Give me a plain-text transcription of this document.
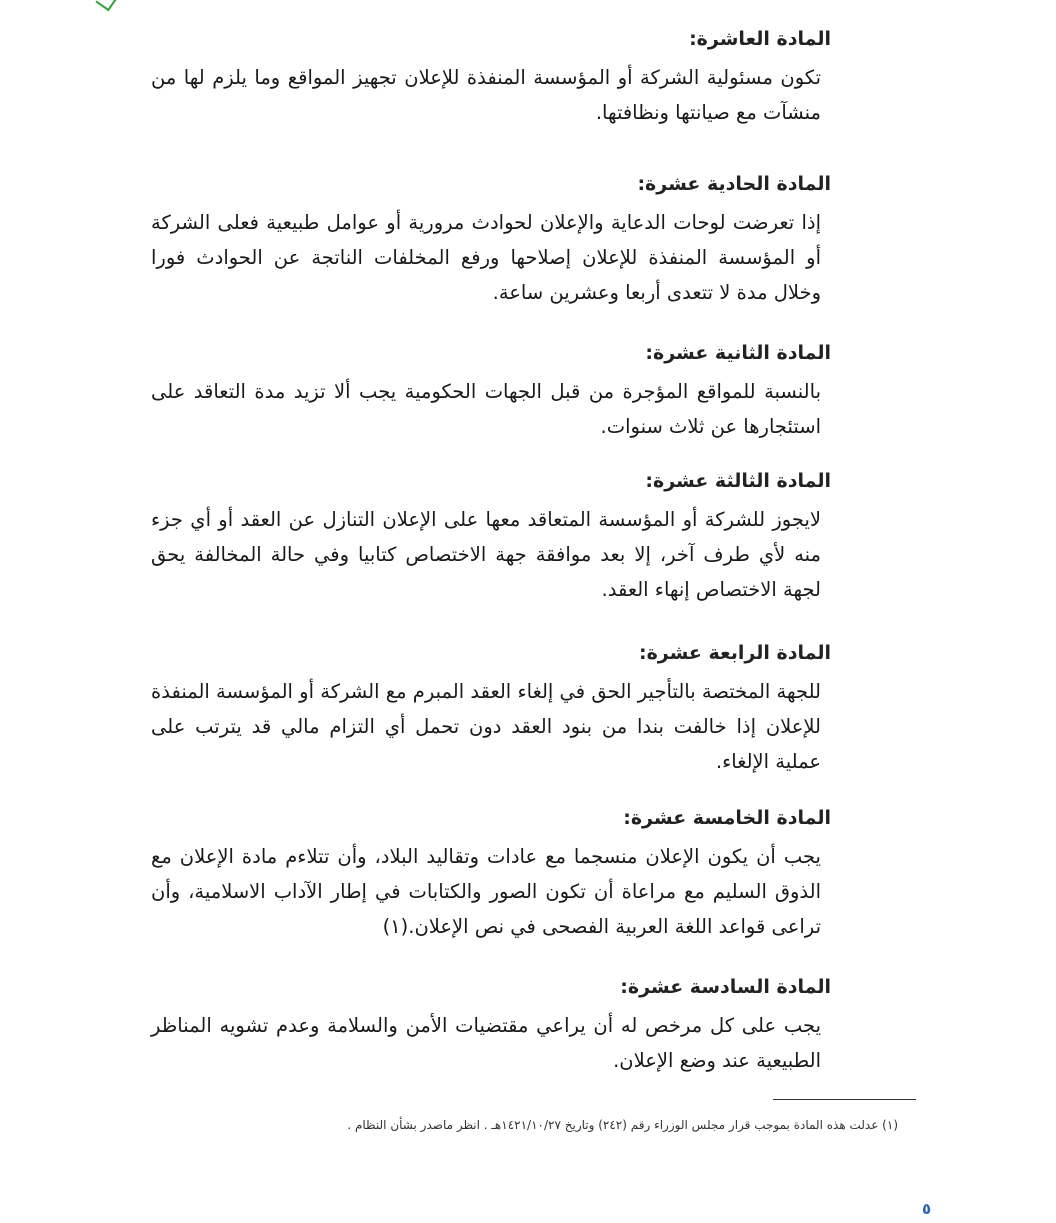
المادة العاشرة:

تكون مسئولية الشركة أو المؤسسة المنفذة للإعلان تجهيز المواقع وما يلزم لها من منشآت مع صيانتها ونظافتها.

المادة الحادية عشرة:

إذا تعرضت لوحات الدعاية والإعلان لحوادث مرورية أو عوامل طبيعية فعلى الشركة أو المؤسسة المنفذة للإعلان إصلاحها ورفع المخلفات الناتجة عن الحوادث فورا وخلال مدة لا تتعدى أربعا وعشرين ساعة.

المادة الثانية عشرة:

بالنسبة للمواقع المؤجرة من قبل الجهات الحكومية يجب ألا تزيد مدة التعاقد على استئجارها عن ثلاث سنوات.

المادة الثالثة عشرة:

لايجوز للشركة أو المؤسسة المتعاقد معها على الإعلان التنازل عن العقد أو أي جزء منه لأي طرف آخر، إلا بعد موافقة جهة الاختصاص كتابيا وفي حالة المخالفة يحق لجهة الاختصاص إنهاء العقد.

المادة الرابعة عشرة:

للجهة المختصة بالتأجير الحق في إلغاء العقد المبرم مع الشركة أو المؤسسة المنفذة للإعلان إذا خالفت بندا من بنود العقد دون تحمل أي التزام مالي قد يترتب على عملية الإلغاء.

المادة الخامسة عشرة:

يجب أن يكون الإعلان منسجما مع عادات وتقاليد البلاد، وأن تتلاءم مادة الإعلان مع الذوق السليم مع مراعاة أن تكون الصور والكتابات في إطار الآداب الاسلامية، وأن تراعى قواعد اللغة العربية الفصحى في نص الإعلان.(١)

المادة السادسة عشرة:

يجب على كل مرخص له أن يراعي مقتضيات الأمن والسلامة وعدم تشويه المناظر الطبيعية عند وضع الإعلان.

(١) عدلت هذه المادة بموجب قرار مجلس الوزراء رقم (٢٤٢) وتاريخ ١٤٢١/١٠/٢٧هـ . انظر ماصدر بشأن النظام .
٥
